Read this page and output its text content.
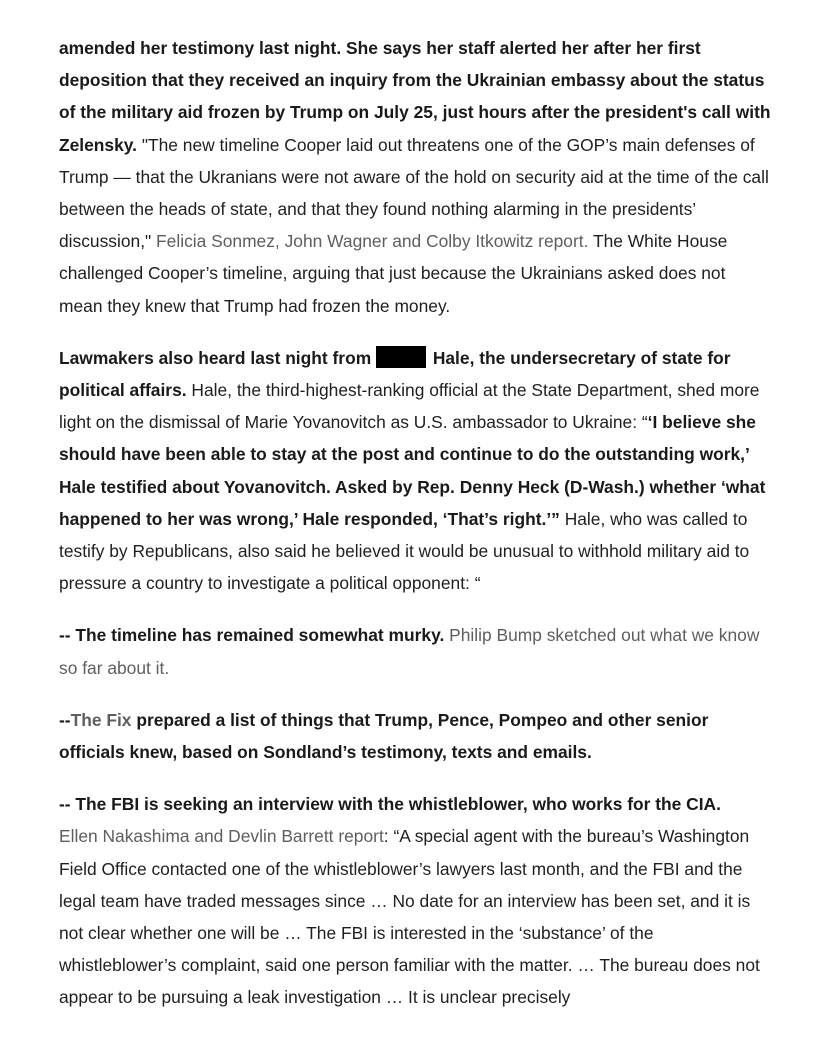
amended her testimony last night. She says her staff alerted her after her first deposition that they received an inquiry from the Ukrainian embassy about the status of the military aid frozen by Trump on July 25, just hours after the president's call with Zelensky. "The new timeline Cooper laid out threatens one of the GOP’s main defenses of Trump — that the Ukranians were not aware of the hold on security aid at the time of the call between the heads of state, and that they found nothing alarming in the presidents’ discussion," Felicia Sonmez, John Wagner and Colby Itkowitz report. The White House challenged Cooper’s timeline, arguing that just because the Ukrainians asked does not mean they knew that Trump had frozen the money.

Lawmakers also heard last night from	Hale, the undersecretary of state for political affairs. Hale, the third-highest-ranking official at the State Department, shed more light on the dismissal of Marie Yovanovitch as U.S. ambassador to Ukraine: “‘I believe she should have been able to stay at the post and continue to do the outstanding work,’ Hale testified about Yovanovitch. Asked by Rep. Denny Heck (D-Wash.) whether ‘what happened to her was wrong,’ Hale responded, ‘That’s right.’” Hale, who was called to testify by Republicans, also said he believed it would be unusual to withhold military aid to pressure a country to investigate a political opponent: “

-- The timeline has remained somewhat murky. Philip Bump sketched out what we know so far about it.

--The Fix prepared a list of things that Trump, Pence, Pompeo and other senior officials knew, based on Sondland’s testimony, texts and emails.

-- The FBI is seeking an interview with the whistleblower, who works for the CIA.
Ellen Nakashima and Devlin Barrett report: “A special agent with the bureau’s Washington Field Office contacted one of the whistleblower’s lawyers last month, and the FBI and the legal team have traded messages since … No date for an interview has been set, and it is not clear whether one will be … The FBI is interested in the ‘substance’ of the whistleblower’s complaint, said one person familiar with the matter. … The bureau does not appear to be pursuing a leak investigation … It is unclear precisely
